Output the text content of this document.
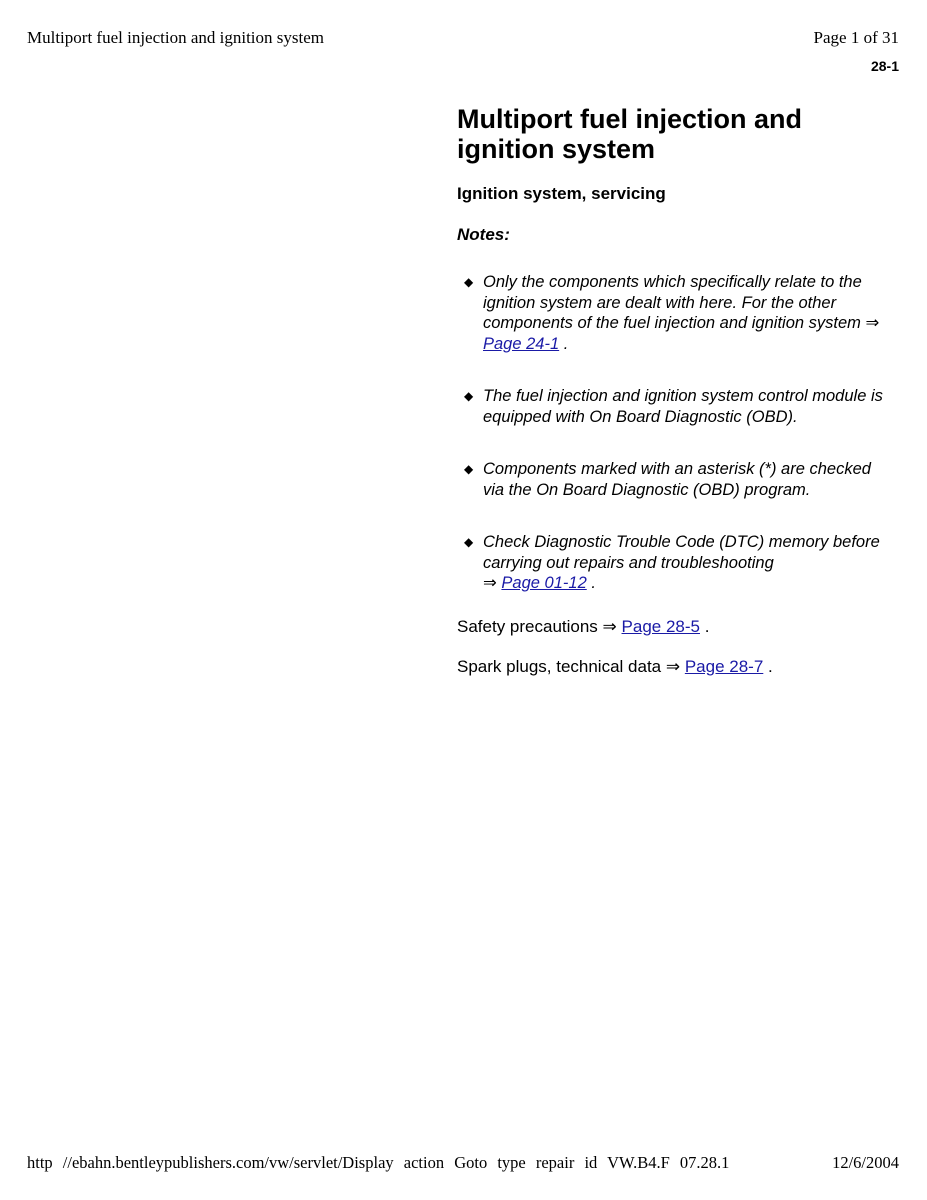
Multiport fuel injection and ignition system	Page 1 of 31
28-1
Multiport fuel injection and ignition system

Ignition system, servicing

Notes:

◆ Only the components which specifically relate to the ignition system are dealt with here. For the other components of the fuel injection and ignition system ⇒ Page 24-1 .
◆ The fuel injection and ignition system control module is equipped with On Board Diagnostic (OBD).
◆ Components marked with an asterisk (*) are checked via the On Board Diagnostic (OBD) program.
◆ Check Diagnostic Trouble Code (DTC) memory before carrying out repairs and troubleshooting
⇒ Page 01-12 .

Safety precautions ⇒ Page 28-5 .

Spark plugs, technical data ⇒ Page 28-7 .

http //ebahn.bentleypublishers.com/vw/servlet/Display action Goto type repair id VW.B4.F 07.28.1	12/6/2004
